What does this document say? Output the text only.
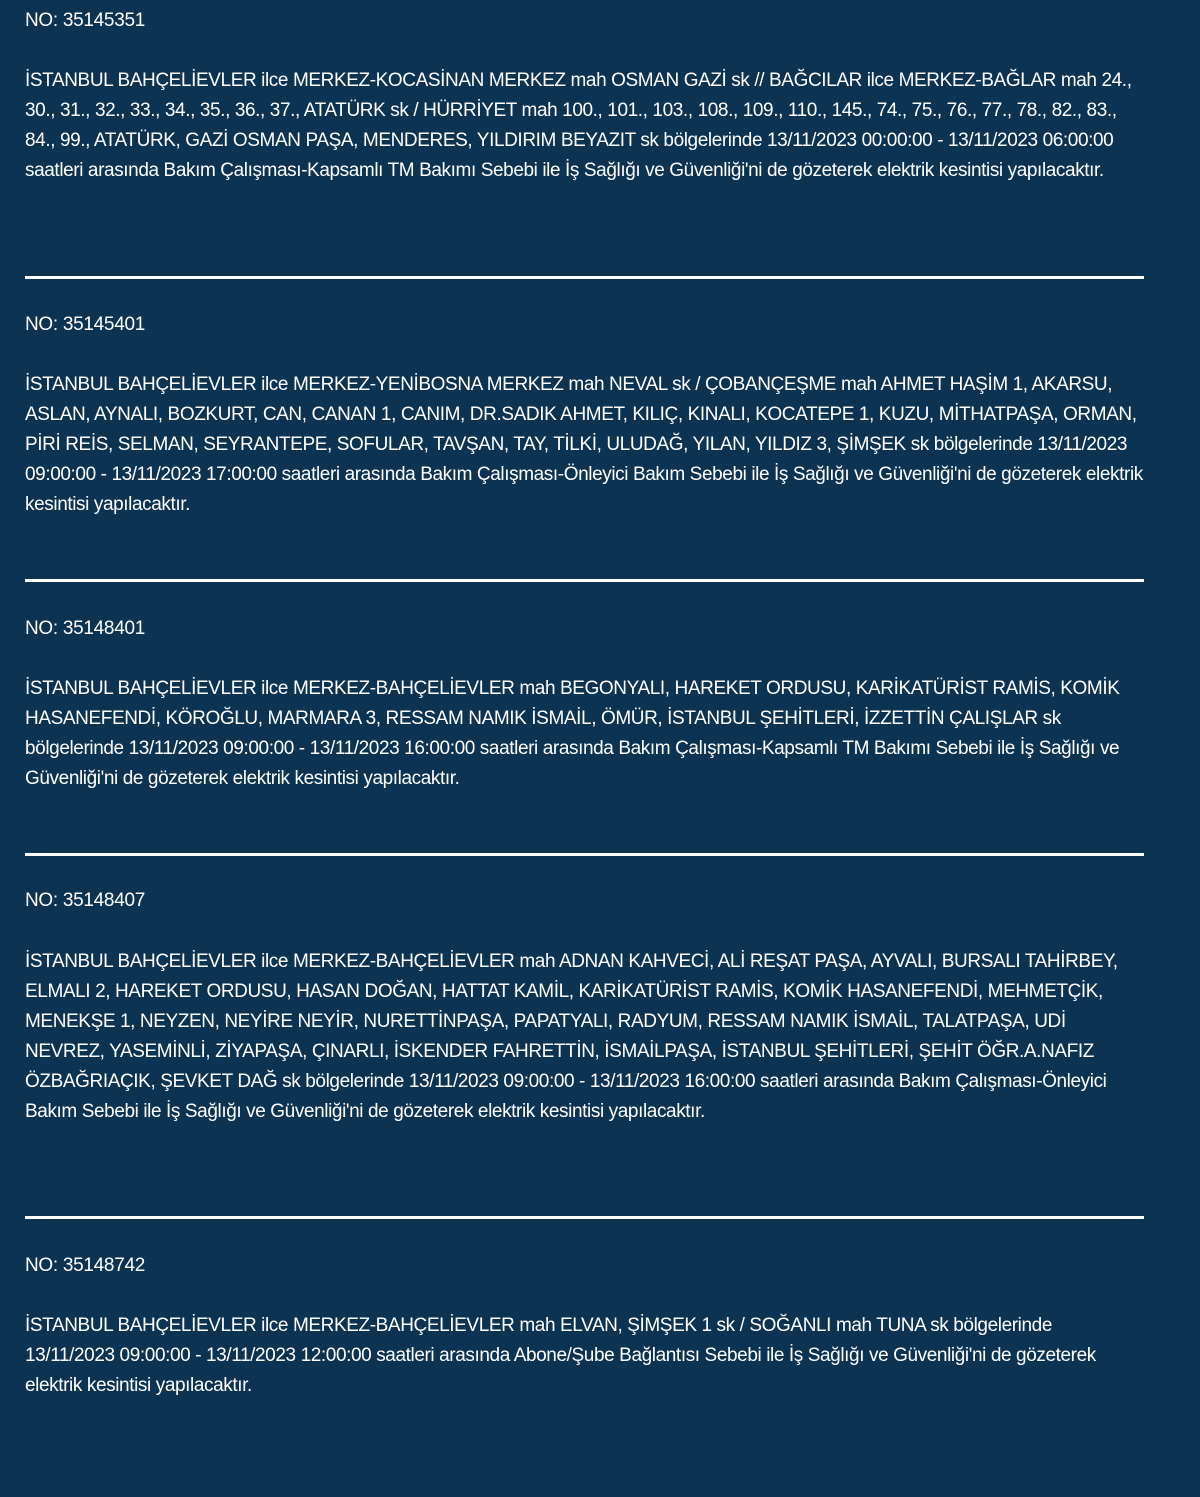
NO: 35145351

İSTANBUL BAHÇELİEVLER ilce MERKEZ-KOCASİNAN MERKEZ mah OSMAN GAZİ sk // BAĞCILAR ilce MERKEZ-BAĞLAR mah 24., 30., 31., 32., 33., 34., 35., 36., 37., ATATÜRK sk / HÜRRİYET mah 100., 101., 103., 108., 109., 110., 145., 74., 75., 76., 77., 78., 82., 83., 84., 99., ATATÜRK, GAZİ OSMAN PAŞA, MENDERES, YILDIRIM BEYAZIT sk bölgelerinde 13/11/2023 00:00:00 - 13/11/2023 06:00:00 saatleri arasında Bakım Çalışması-Kapsamlı TM Bakımı Sebebi ile İş Sağlığı ve Güvenliği'ni de gözeterek elektrik kesintisi yapılacaktır.

NO: 35145401

İSTANBUL BAHÇELİEVLER ilce MERKEZ-YENİBOSNA MERKEZ mah NEVAL sk / ÇOBANÇEŞME mah AHMET HAŞİM 1, AKARSU, ASLAN, AYNALI, BOZKURT, CAN, CANAN 1, CANIM, DR.SADIK AHMET, KILIÇ, KINALI, KOCATEPE 1, KUZU, MİTHATPAŞA, ORMAN, PİRİ REİS, SELMAN, SEYRANTEPE, SOFULAR, TAVŞAN, TAY, TİLKİ, ULUDAĞ, YILAN, YILDIZ 3, ŞİMŞEK sk bölgelerinde 13/11/2023 09:00:00 - 13/11/2023 17:00:00 saatleri arasında Bakım Çalışması-Önleyici Bakım Sebebi ile İş Sağlığı ve Güvenliği'ni de gözeterek elektrik kesintisi yapılacaktır.

NO: 35148401

İSTANBUL BAHÇELİEVLER ilce MERKEZ-BAHÇELİEVLER mah BEGONYALI, HAREKET ORDUSU, KARİKATÜRİST RAMİS, KOMİK HASANEFENDİ, KÖROĞLU, MARMARA 3, RESSAM NAMIK İSMAİL, ÖMÜR, İSTANBUL ŞEHİTLERİ, İZZETTİN ÇALIŞLAR sk bölgelerinde 13/11/2023 09:00:00 - 13/11/2023 16:00:00 saatleri arasında Bakım Çalışması-Kapsamlı TM Bakımı Sebebi ile İş Sağlığı ve Güvenliği'ni de gözeterek elektrik kesintisi yapılacaktır.

NO: 35148407

İSTANBUL BAHÇELİEVLER ilce MERKEZ-BAHÇELİEVLER mah ADNAN KAHVECİ, ALİ REŞAT PAŞA, AYVALI, BURSALI TAHİRBEY, ELMALI 2, HAREKET ORDUSU, HASAN DOĞAN, HATTAT KAMİL, KARİKATÜRİST RAMİS, KOMİK HASANEFENDİ, MEHMETÇİK, MENEKŞE 1, NEYZEN, NEYİRE NEYİR, NURETTİNPAŞA, PAPATYALI, RADYUM, RESSAM NAMIK İSMAİL, TALATPAŞA, UDİ NEVREZ, YASEMİNLİ, ZİYAPAŞA, ÇINARLI, İSKENDER FAHRETTİN, İSMAİLPAŞA, İSTANBUL ŞEHİTLERİ, ŞEHİT ÖĞR.A.NAFIZ ÖZBAĞRIAÇIK, ŞEVKET DAĞ sk bölgelerinde 13/11/2023 09:00:00 - 13/11/2023 16:00:00 saatleri arasında Bakım Çalışması-Önleyici Bakım Sebebi ile İş Sağlığı ve Güvenliği'ni de gözeterek elektrik kesintisi yapılacaktır.

NO: 35148742

İSTANBUL BAHÇELİEVLER ilce MERKEZ-BAHÇELİEVLER mah ELVAN, ŞİMŞEK 1 sk / SOĞANLI mah TUNA sk bölgelerinde 13/11/2023 09:00:00 - 13/11/2023 12:00:00 saatleri arasında Abone/Şube Bağlantısı Sebebi ile İş Sağlığı ve Güvenliği'ni de gözeterek elektrik kesintisi yapılacaktır.
